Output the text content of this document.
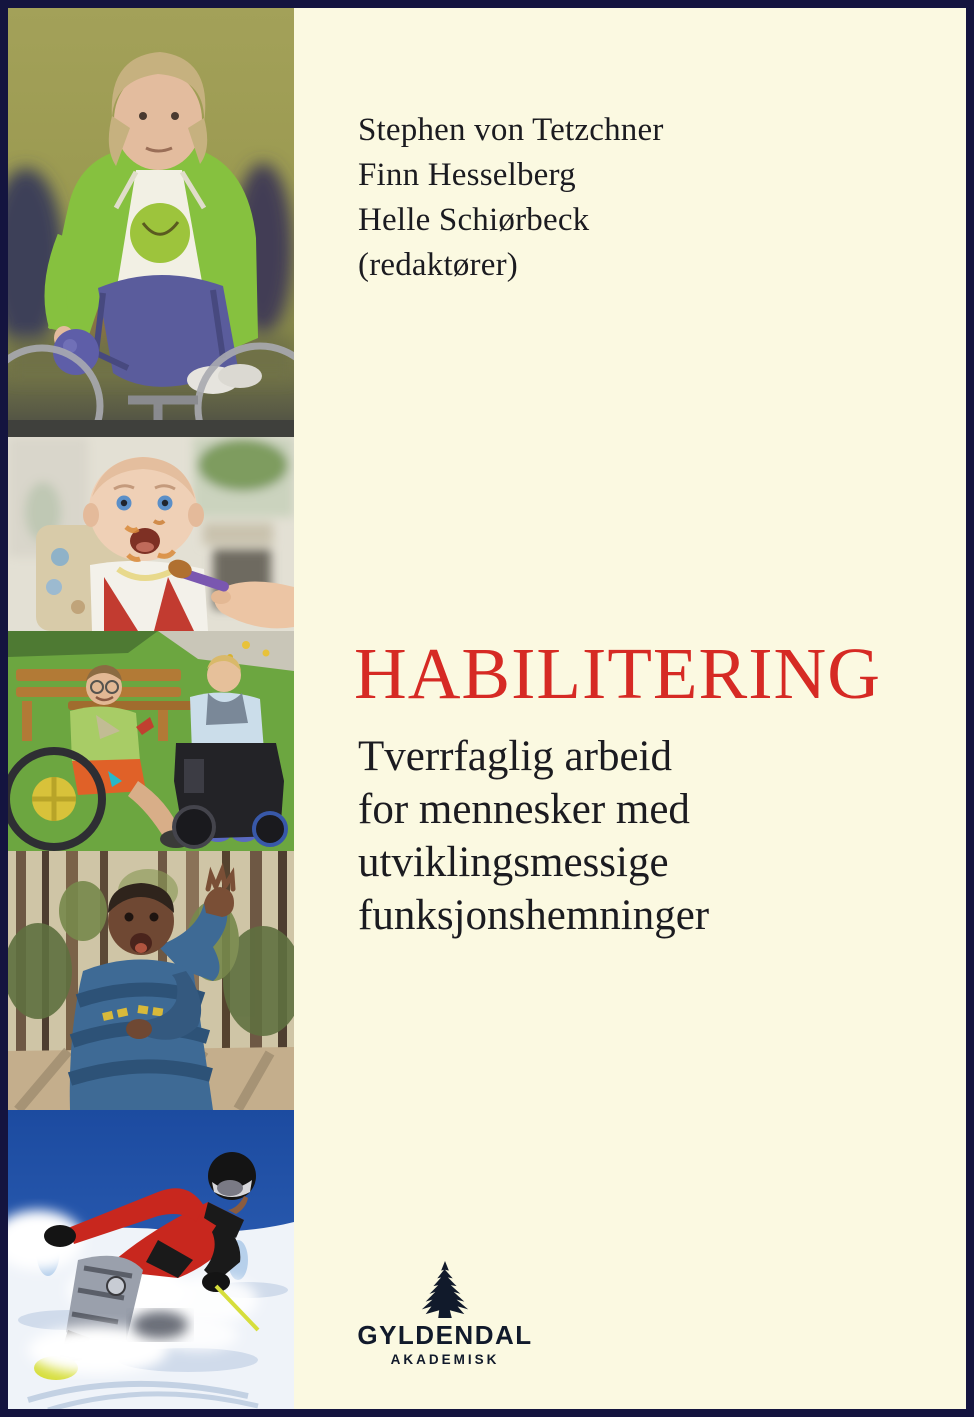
Stephen von Tetzchner
Finn Hesselberg
Helle Schiørbeck
(redaktører)
HABILITERING
Tverrfaglig arbeid
for mennesker med
utviklingsmessige
funksjonshemninger
GYLDENDAL
AKADEMISK
